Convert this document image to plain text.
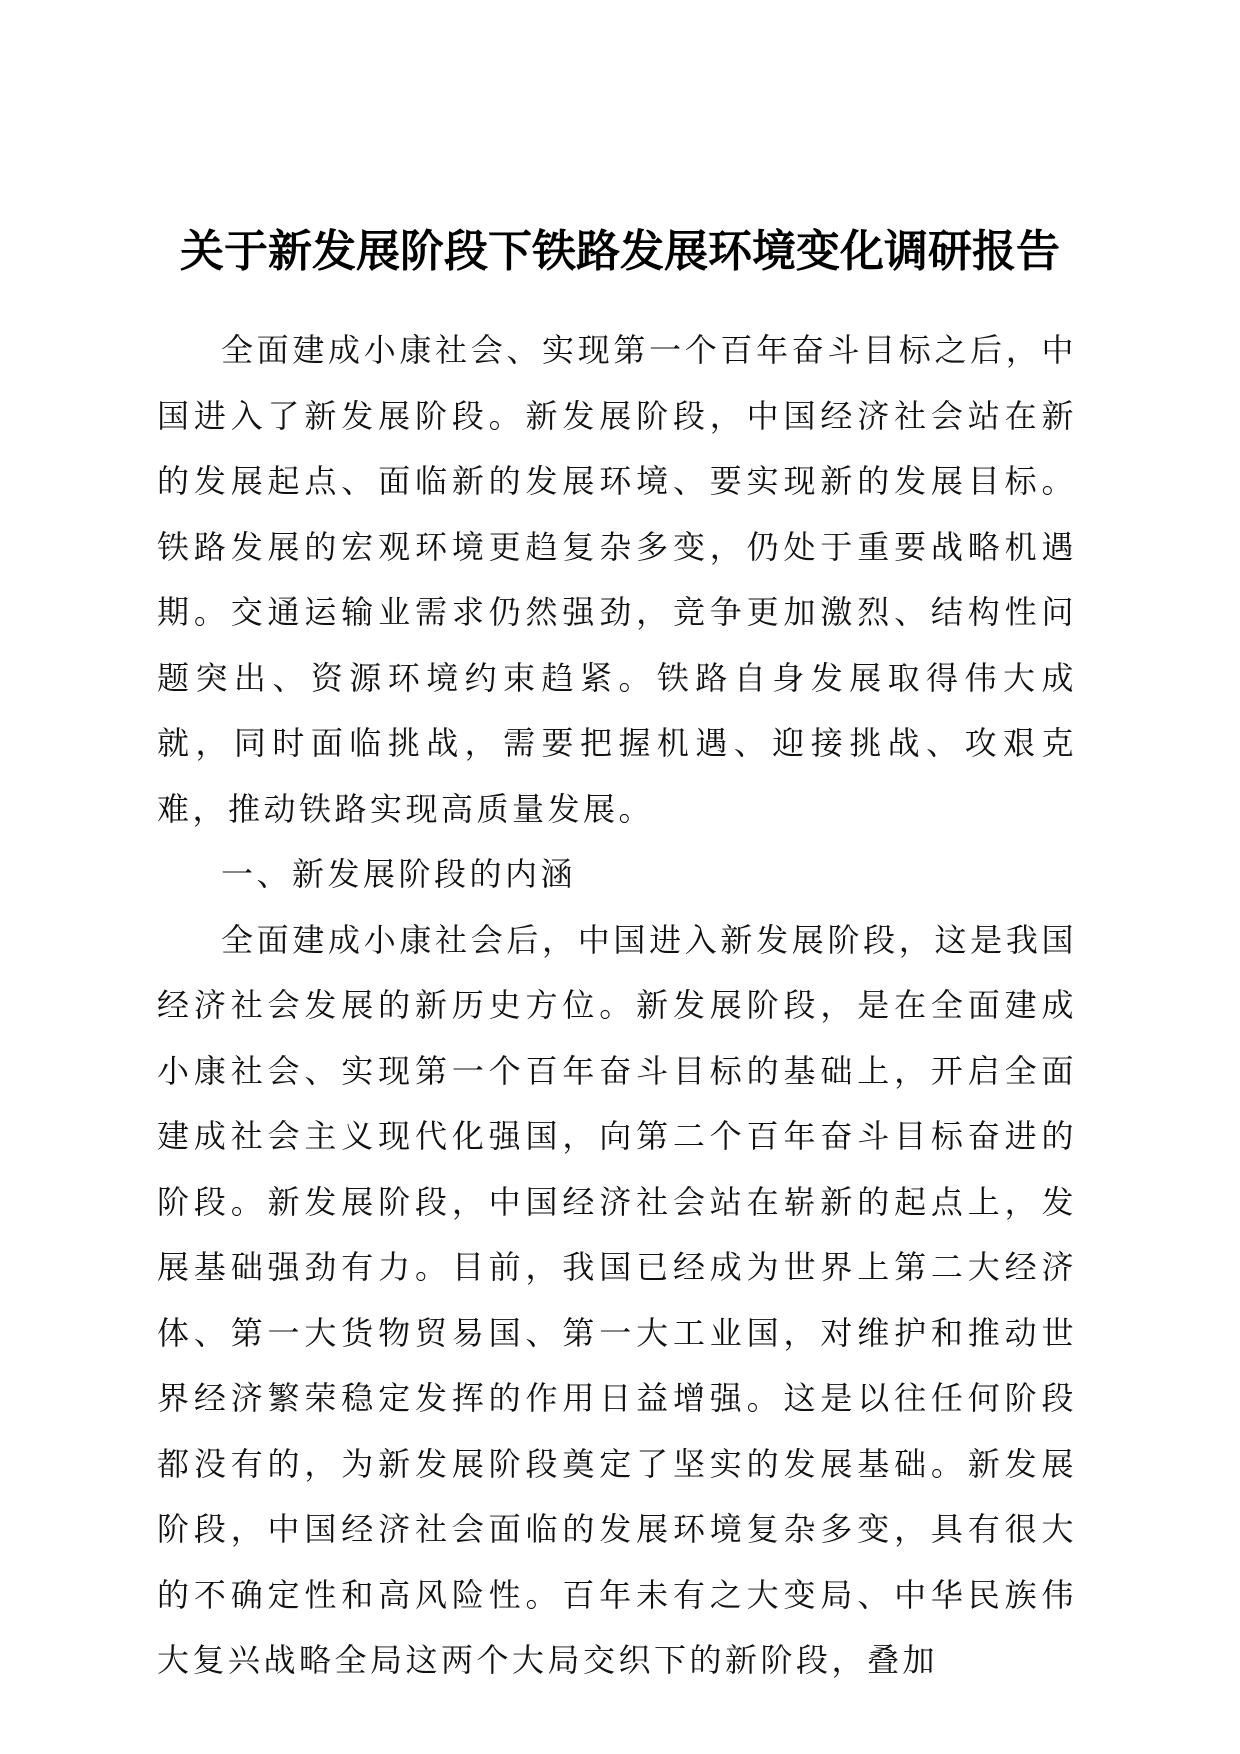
关于新发展阶段下铁路发展环境变化调研报告

全面建成小康社会、实现第一个百年奋斗目标之后，中国进入了新发展阶段。新发展阶段，中国经济社会站在新的发展起点、面临新的发展环境、要实现新的发展目标。铁路发展的宏观环境更趋复杂多变，仍处于重要战略机遇期。交通运输业需求仍然强劲，竞争更加激烈、结构性问题突出、资源环境约束趋紧。铁路自身发展取得伟大成就，同时面临挑战，需要把握机遇、迎接挑战、攻艰克难，推动铁路实现高质量发展。

一、新发展阶段的内涵

全面建成小康社会后，中国进入新发展阶段，这是我国经济社会发展的新历史方位。新发展阶段，是在全面建成小康社会、实现第一个百年奋斗目标的基础上，开启全面建成社会主义现代化强国，向第二个百年奋斗目标奋进的阶段。新发展阶段，中国经济社会站在崭新的起点上，发展基础强劲有力。目前，我国已经成为世界上第二大经济体、第一大货物贸易国、第一大工业国，对维护和推动世界经济繁荣稳定发挥的作用日益增强。这是以往任何阶段都没有的，为新发展阶段奠定了坚实的发展基础。新发展阶段，中国经济社会面临的发展环境复杂多变，具有很大的不确定性和高风险性。百年未有之大变局、中华民族伟大复兴战略全局这两个大局交织下的新阶段，叠加
